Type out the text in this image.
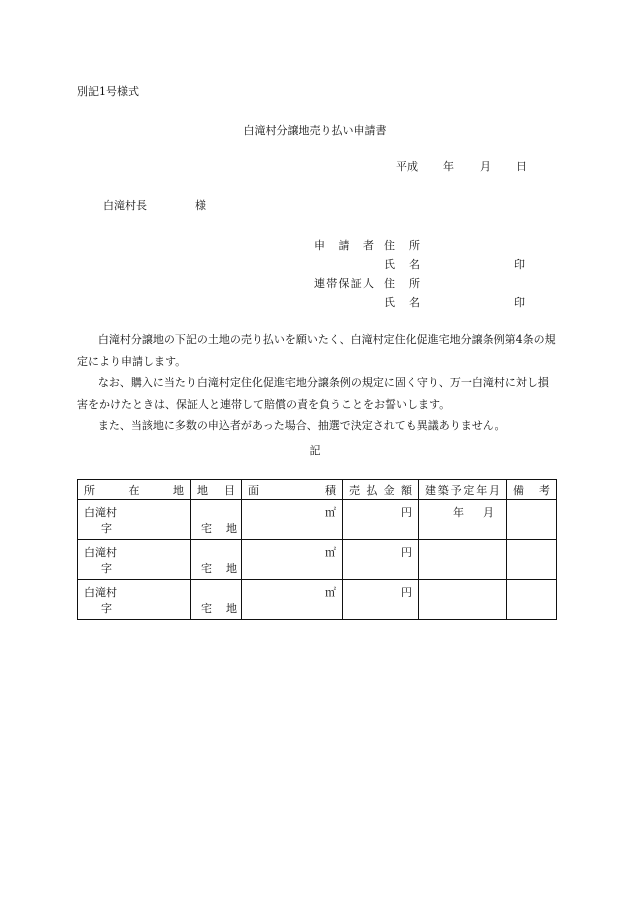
別記1号様式
白滝村分譲地売り払い申請書
平成 年 月 日
白滝村長	様
申請者 住所
氏名	印
連帯保証人 住所
氏名	印

白滝村分譲地の下記の土地の売り払いを願いたく、白滝村定住化促進宅地分譲条例第4条の規定により申請します。

なお、購入に当たり白滝村定住化促進宅地分譲条例の規定に固く守り、万一白滝村に対し損害をかけたときは、保証人と連帯して賠償の責を負うことをお誓いします。

また、当該地に多数の申込者があった場合、抽選で決定されても異議ありません。

記
所在地	地目	面積	売払金額	建築予定年月	備考

白滝村
字	宅地	㎡	円	年 月	

白滝村
字	宅地	㎡	円		

白滝村
字	宅地	㎡	円		
